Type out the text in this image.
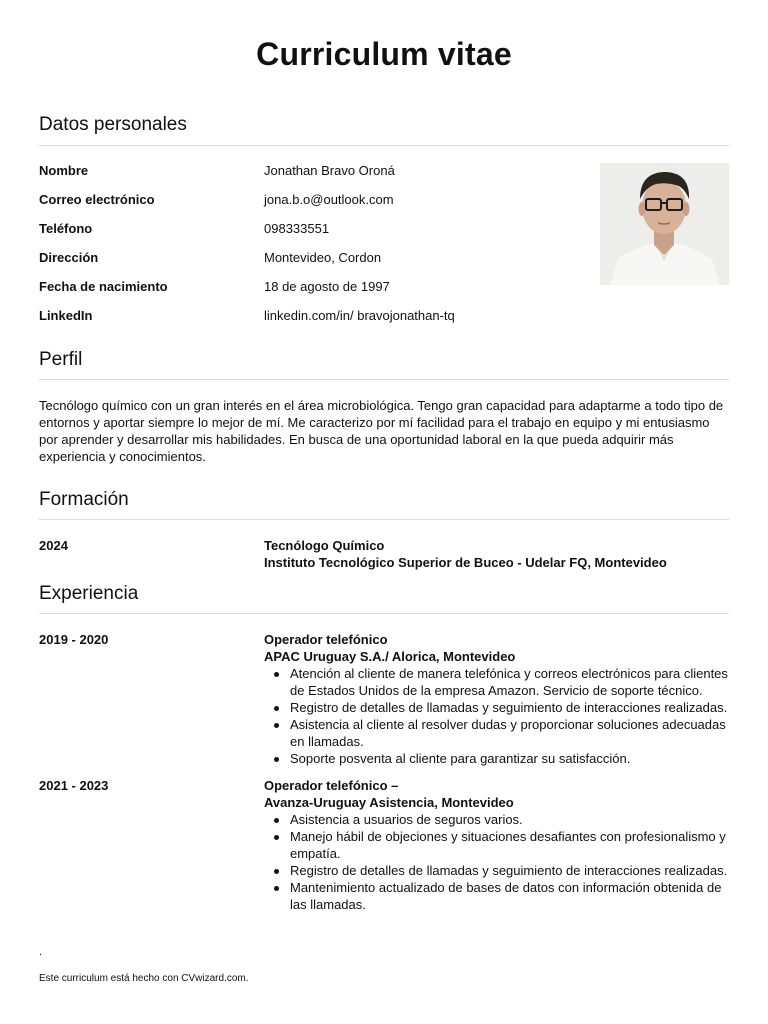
Curriculum vitae
Datos personales
Nombre	Jonathan Bravo Oroná
Correo electrónico	jona.b.o@outlook.com
Teléfono	098333551
Dirección	Montevideo, Cordon
Fecha de nacimiento	18 de agosto de 1997
LinkedIn	linkedin.com/in/ bravojonathan-tq
Perfil

Tecnólogo químico con un gran interés en el área microbiológica. Tengo gran capacidad para adaptarme a todo tipo de entornos y aportar siempre lo mejor de mí. Me caracterizo por mí facilidad para el trabajo en equipo y mi entusiasmo por aprender y desarrollar mis habilidades. En busca de una oportunidad laboral en la que pueda adquirir más experiencia y conocimientos.

Formación
2024	Tecnólogo Químico
Instituto Tecnológico Superior de Buceo - Udelar FQ, Montevideo
Experiencia
2019 - 2020	Operador telefónico
APAC Uruguay S.A./ Alorica, Montevideo
Atención al cliente de manera telefónica y correos electrónicos para clientes de Estados Unidos de la empresa Amazon. Servicio de soporte técnico.
Registro de detalles de llamadas y seguimiento de interacciones realizadas.
Asistencia al cliente al resolver dudas y proporcionar soluciones adecuadas en llamadas.
Soporte posventa al cliente para garantizar su satisfacción.
2021 - 2023	Operador telefónico –
Avanza-Uruguay Asistencia, Montevideo
Asistencia a usuarios de seguros varios.
Manejo hábil de objeciones y situaciones desafiantes con profesionalismo y empatía.
Registro de detalles de llamadas y seguimiento de interacciones realizadas.
Mantenimiento actualizado de bases de datos con información obtenida de las llamadas.
.
Este curriculum está hecho con CVwizard.com.
